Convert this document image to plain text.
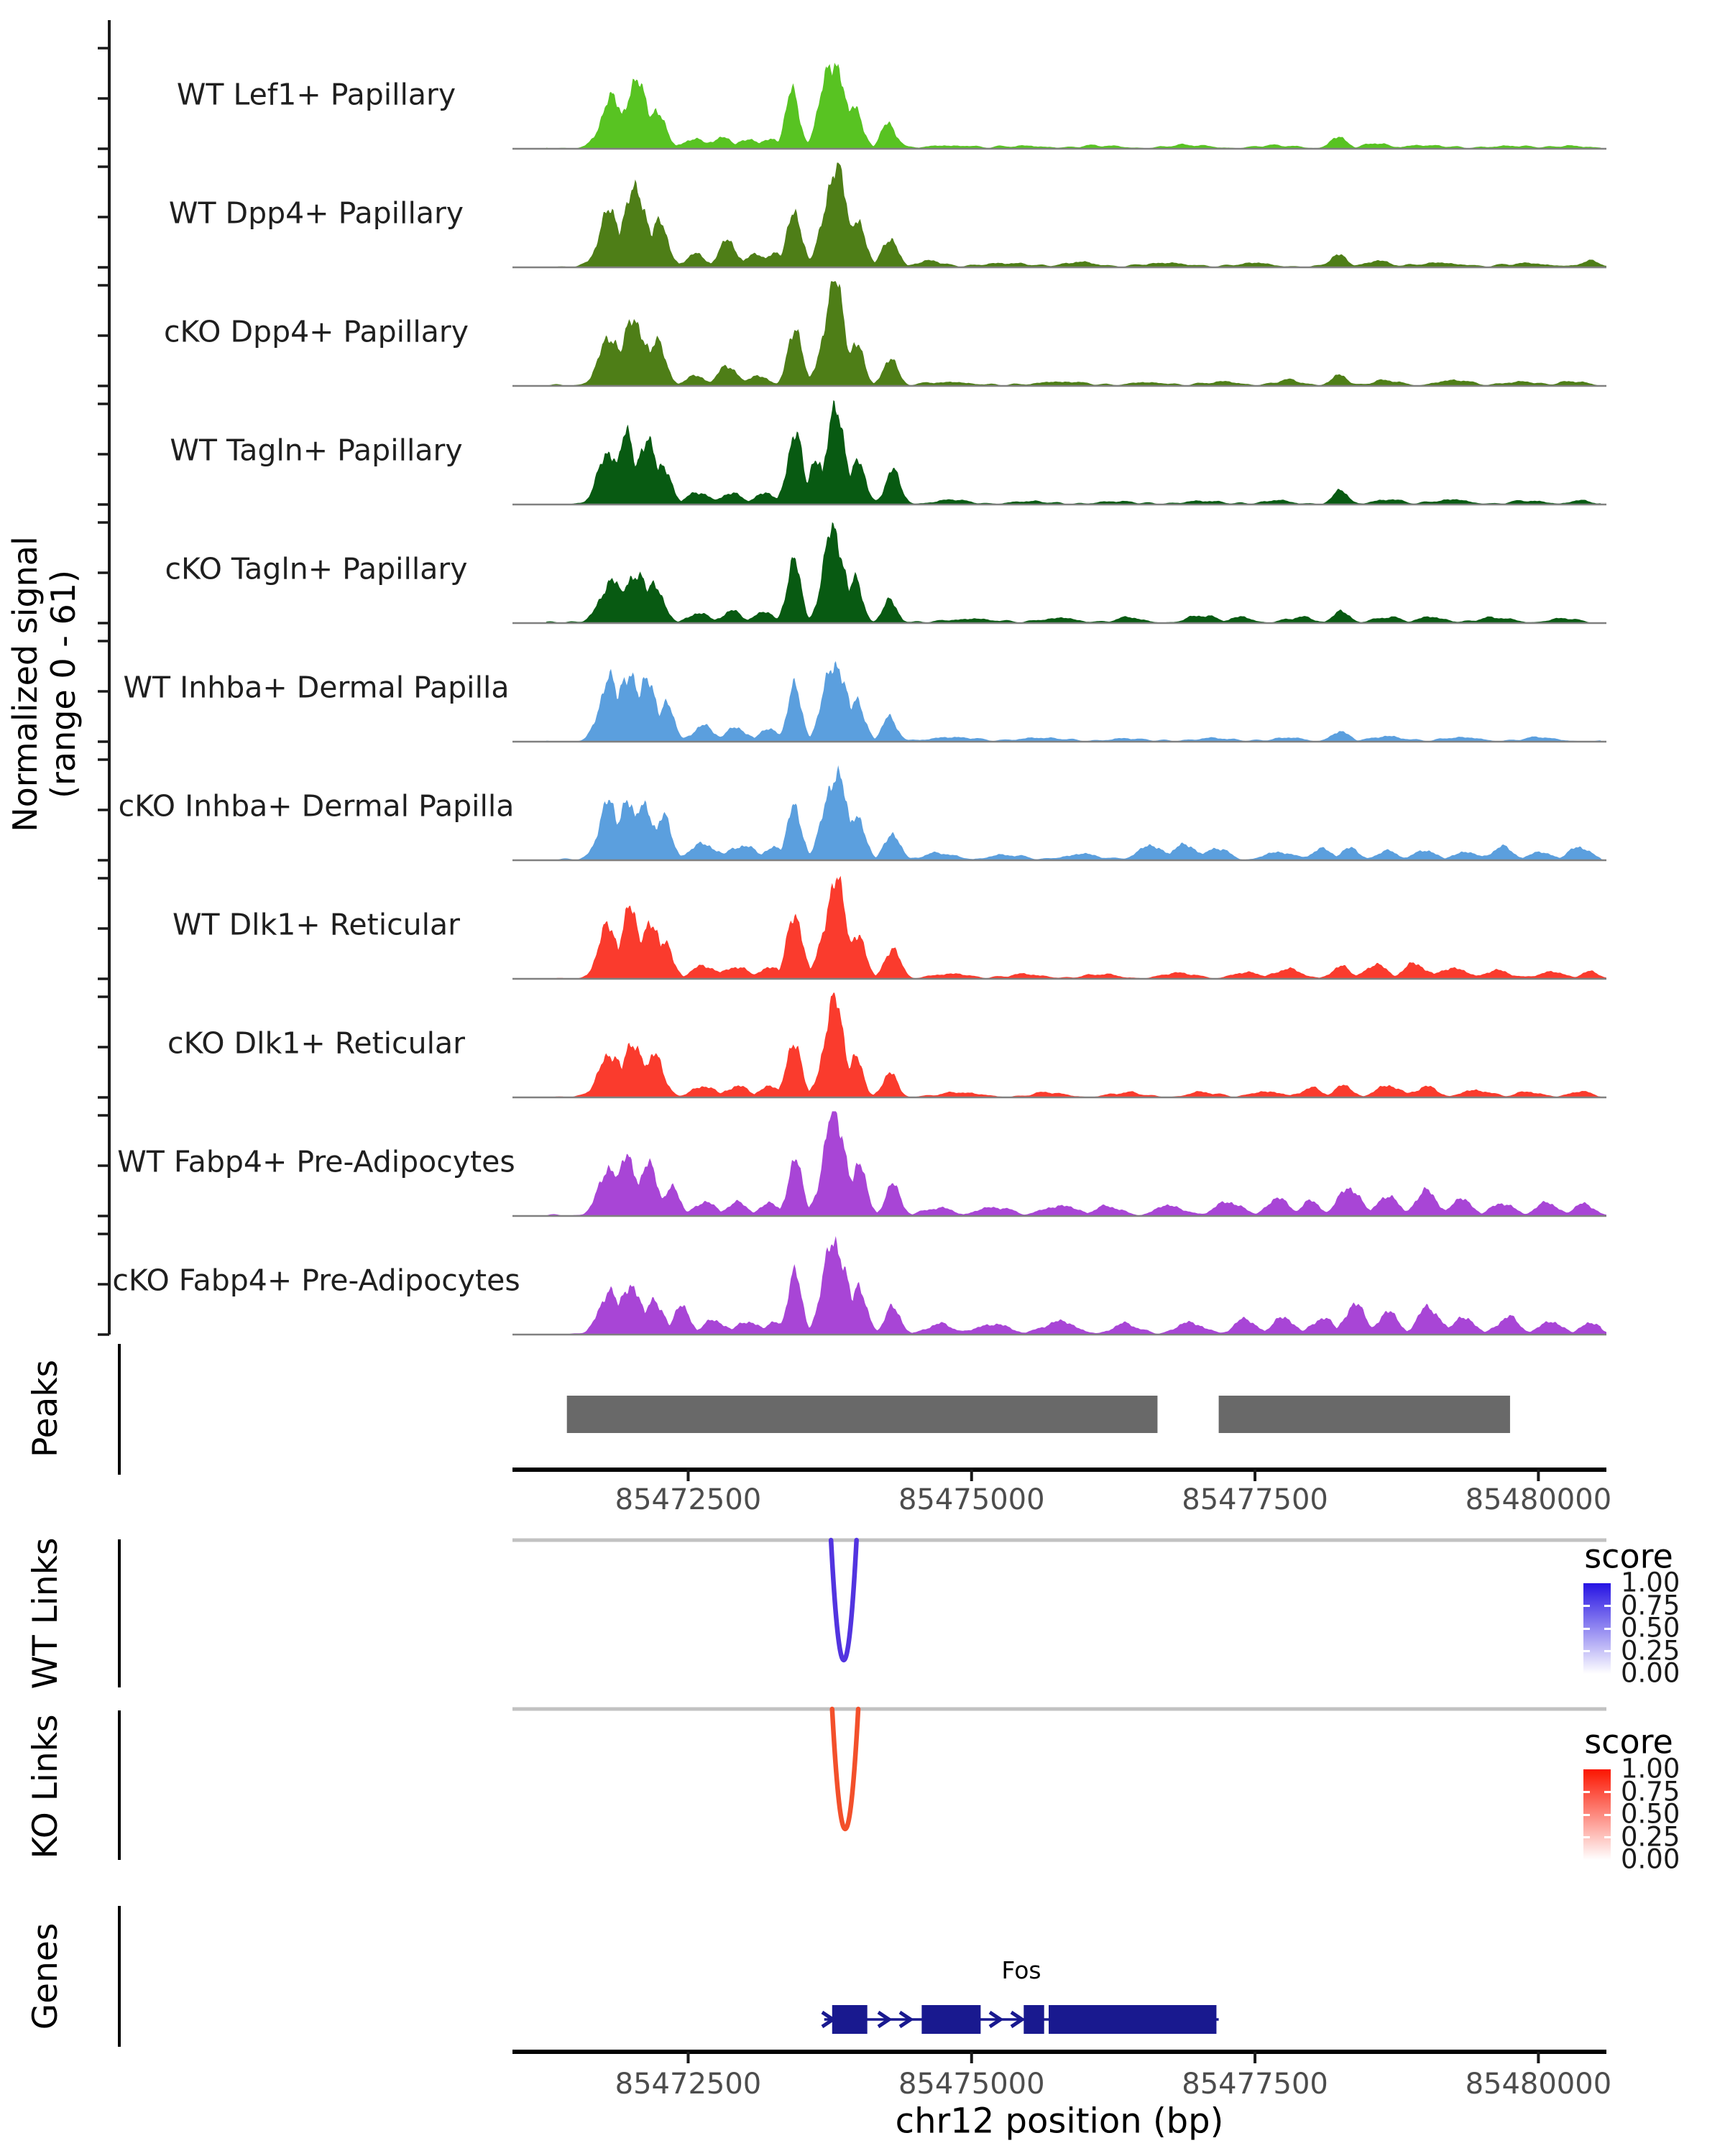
Normalized signal
(range 0 - 61)
Peaks
WT Links
KO Links
Genes
score
score
Fos
chr12 position (bp)
WT Lef1+ Papillary
WT Dpp4+ Papillary
cKO Dpp4+ Papillary
WT Tagln+ Papillary
cKO Tagln+ Papillary
WT Inhba+ Dermal Papilla
cKO Inhba+ Dermal Papilla
WT Dlk1+ Reticular
cKO Dlk1+ Reticular
WT Fabp4+ Pre-Adipocytes
cKO Fabp4+ Pre-Adipocytes
85472500	85475000	85477500	85480000
85472500	85475000	85477500	85480000
1.00
0.75
0.50
0.25
0.00
1.00
0.75
0.50
0.25
0.00
